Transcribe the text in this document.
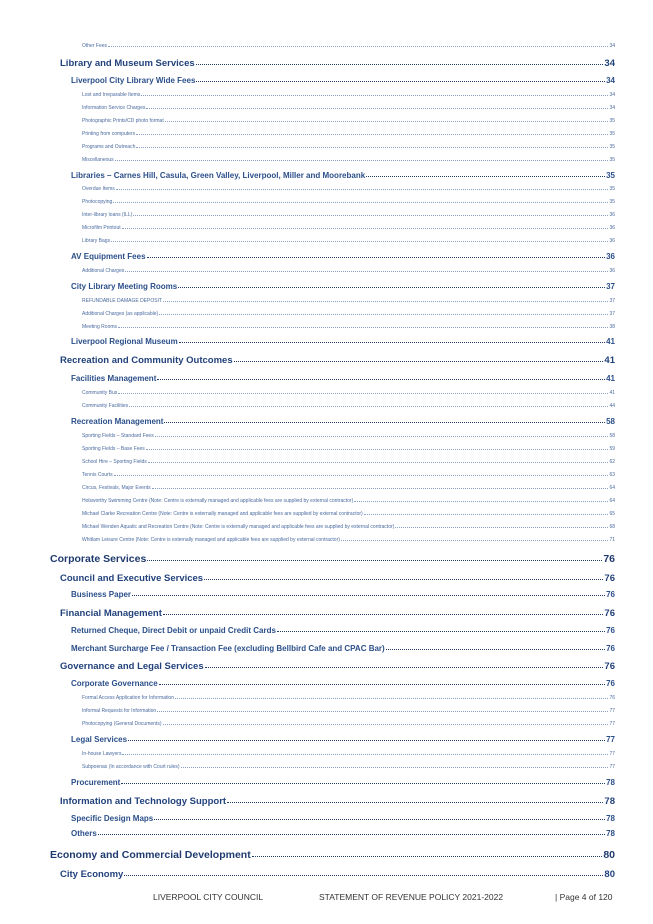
Other Fees	34
Library and Museum Services	34
Liverpool City Library Wide Fees	34
Lost and Irreparable Items	34
Information Service Charges	34
Photographic Prints/CD photo format	35
Printing from computers	35
Programs and Outreach	35
Miscellaneous	35
Libraries – Carnes Hill, Casula, Green Valley, Liverpool, Miller and Moorebank	35
Overdue Items	35
Photocopying	35
Inter-library loans (ILL)	36
Microfilm Printout	36
Library Bags	36
AV Equipment Fees	36
Additional Charges	36
City Library Meeting Rooms	37
REFUNDABLE DAMAGE DEPOSIT	37
Additional Charges (as applicable)	37
Meeting Rooms	38
Liverpool Regional Museum	41
Recreation and Community Outcomes	41
Facilities Management	41
Community Bus	41
Community Facilities	44
Recreation Management	58
Sporting Fields – Standard Fees	58
Sporting Fields – Base Fees	59
School Hire – Sporting Fields	62
Tennis Courts	63
Circus, Festivals, Major Events	64
Holsworthy Swimming Centre (Note: Centre is externally managed and applicable fees are supplied by external contractor)	64
Michael Clarke Recreation Centre (Note: Centre is externally managed and applicable fees are supplied by external contractor)	65
Michael Wenden Aquatic and Recreation Centre (Note: Centre is externally managed and applicable fees are supplied by external contractor)	68
Whitlam Leisure Centre (Note: Centre is externally managed and applicable fees are supplied by external contractor)	71
Corporate Services	76
Council and Executive Services	76
Business Paper	76
Financial Management	76
Returned Cheque, Direct Debit or unpaid Credit Cards	76
Merchant Surcharge Fee / Transaction Fee (excluding Bellbird Cafe and CPAC Bar)	76
Governance and Legal Services	76
Corporate Governance	76
Formal Access Application for Information	76
Informal Requests for Information	77
Photocopying (General Documents)	77
Legal Services	77
In-house Lawyers	77
Subpoenas (In accordance with Court rules)	77
Procurement	78
Information and Technology Support	78
Specific Design Maps	78
Others	78
Economy and Commercial Development	80
City Economy	80
LIVERPOOL CITY COUNCIL	STATEMENT OF REVENUE POLICY 2021-2022	| Page 4 of 120
